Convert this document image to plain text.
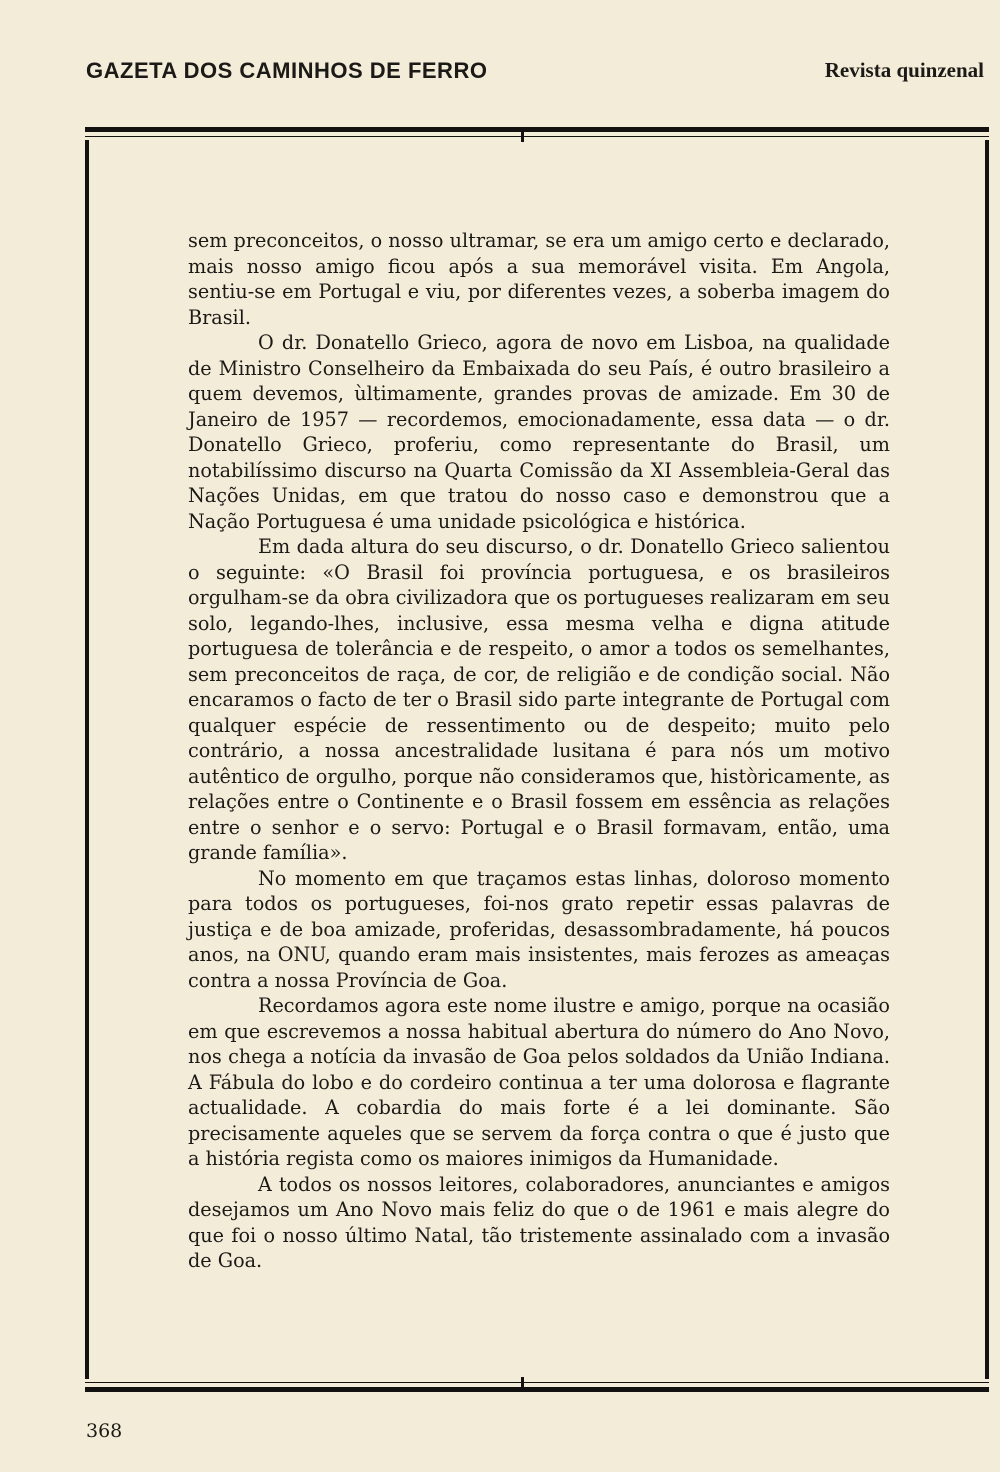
GAZETA DOS CAMINHOS DE FERRO	Revista quinzenal

sem preconceitos, o nosso ultramar, se era um amigo certo e declarado, mais nosso amigo ficou após a sua memorável visita. Em Angola, sentiu-se em Portugal e viu, por diferentes vezes, a soberba imagem do Brasil.

O dr. Donatello Grieco, agora de novo em Lisboa, na qualidade de Ministro Conselheiro da Embaixada do seu País, é outro brasileiro a quem devemos, ùltimamente, grandes provas de amizade. Em 30 de Janeiro de 1957 — recordemos, emocionadamente, essa data — o dr. Donatello Grieco, proferiu, como representante do Brasil, um notabilíssimo discurso na Quarta Comissão da XI Assembleia-Geral das Nações Unidas, em que tratou do nosso caso e demonstrou que a Nação Portuguesa é uma unidade psicológica e histórica.

Em dada altura do seu discurso, o dr. Donatello Grieco salientou o seguinte: «O Brasil foi província portuguesa, e os brasileiros orgulham-se da obra civilizadora que os portugueses realizaram em seu solo, legando-lhes, inclusive, essa mesma velha e digna atitude portuguesa de tolerância e de respeito, o amor a todos os semelhantes, sem preconceitos de raça, de cor, de religião e de condição social. Não encaramos o facto de ter o Brasil sido parte integrante de Portugal com qualquer espécie de ressentimento ou de despeito; muito pelo contrário, a nossa ancestralidade lusitana é para nós um motivo autêntico de orgulho, porque não consideramos que, històricamente, as relações entre o Continente e o Brasil fossem em essência as relações entre o senhor e o servo: Portugal e o Brasil formavam, então, uma grande família».

No momento em que traçamos estas linhas, doloroso momento para todos os portugueses, foi-nos grato repetir essas palavras de justiça e de boa amizade, proferidas, desassombradamente, há poucos anos, na ONU, quando eram mais insistentes, mais ferozes as ameaças contra a nossa Província de Goa.

Recordamos agora este nome ilustre e amigo, porque na ocasião em que escrevemos a nossa habitual abertura do número do Ano Novo, nos chega a notícia da invasão de Goa pelos soldados da União Indiana. A Fábula do lobo e do cordeiro continua a ter uma dolorosa e flagrante actualidade. A cobardia do mais forte é a lei dominante. São precisamente aqueles que se servem da força contra o que é justo que a história regista como os maiores inimigos da Humanidade.

A todos os nossos leitores, colaboradores, anunciantes e amigos desejamos um Ano Novo mais feliz do que o de 1961 e mais alegre do que foi o nosso último Natal, tão tristemente assinalado com a invasão de Goa.

368
